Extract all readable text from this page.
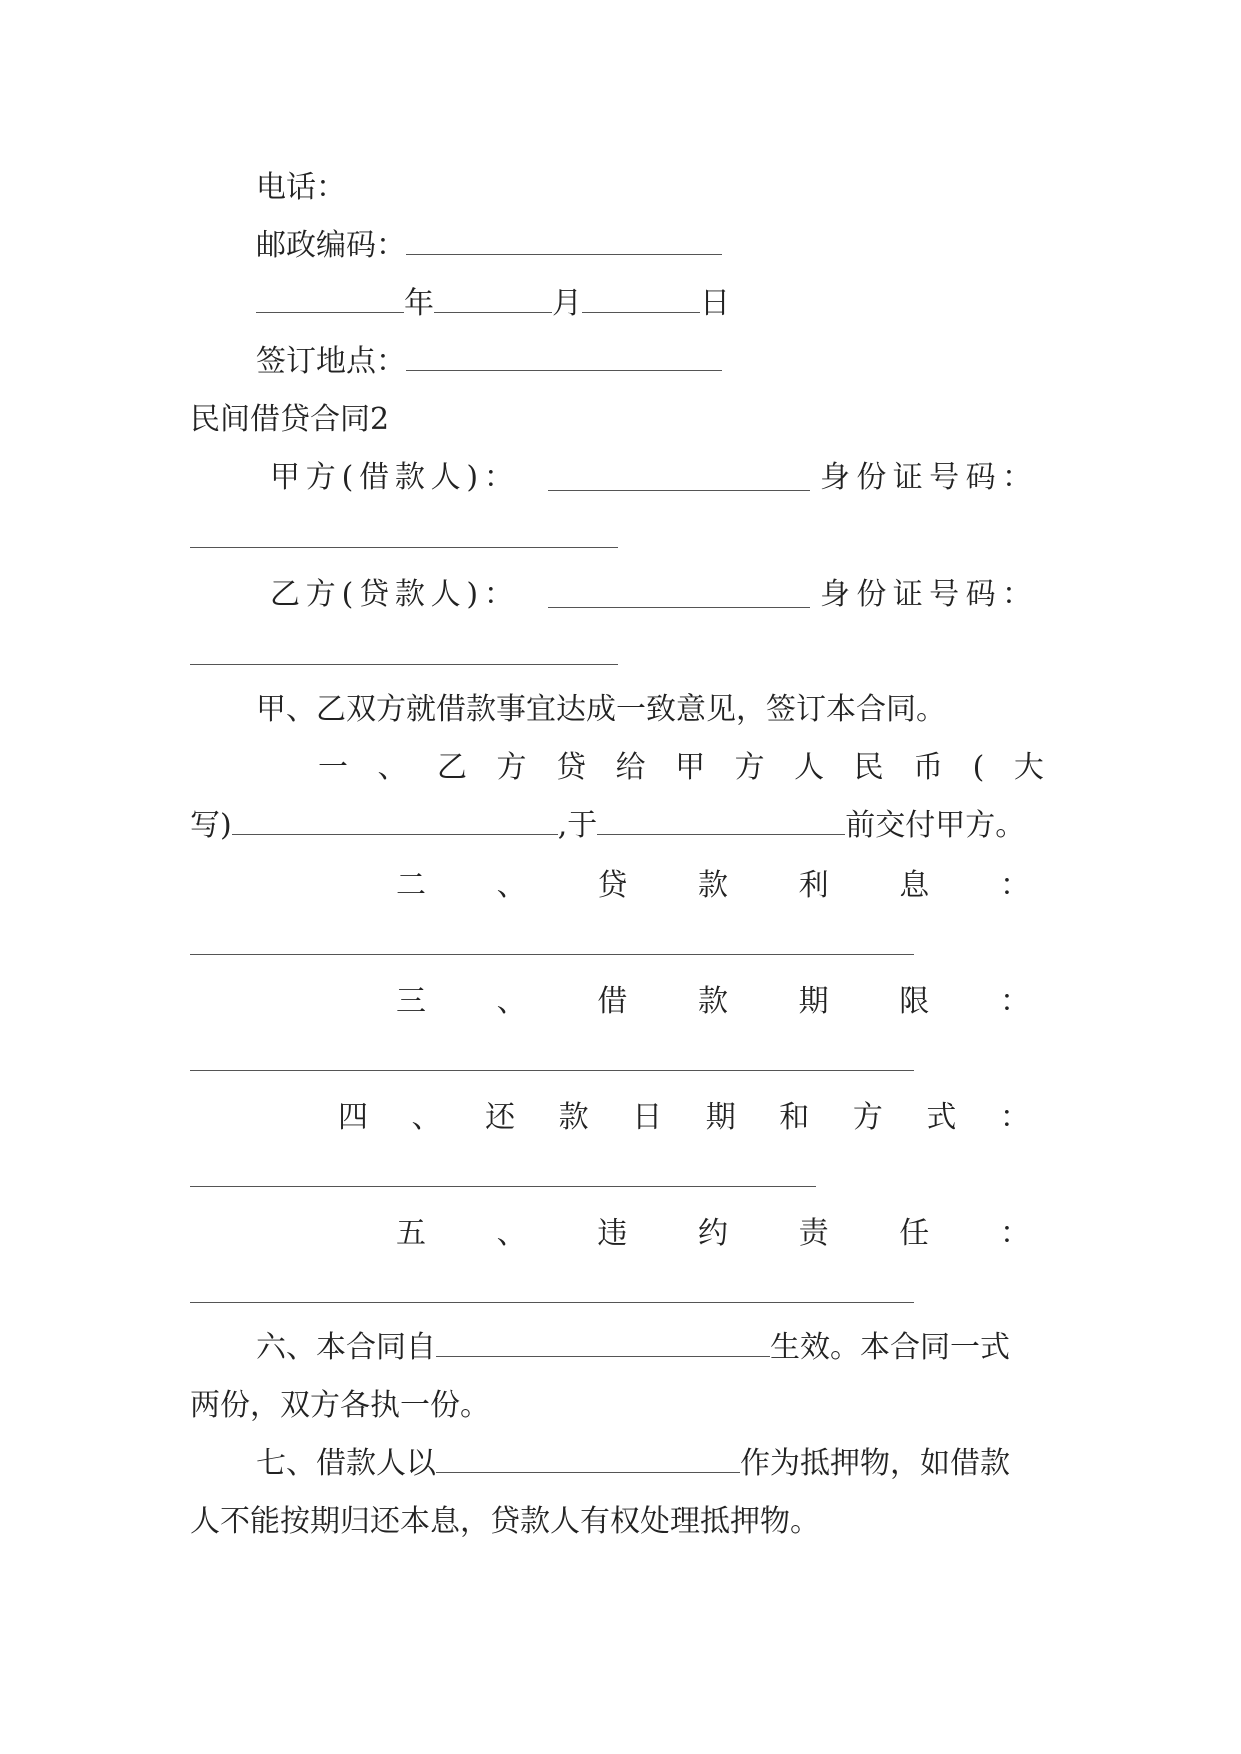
电话：
邮政编码：
年	月	日
签订地点：
民间借贷合同2
甲 方 ( 借 款 人 ) ：	身 份 证 号 码 ：
乙 方 ( 贷 款 人 ) ：	身 份 证 号 码 ：
甲、乙双方就借款事宜达成一致意见，签订本合同。
一 、 乙 方 贷 给 甲 方 人 民 币 ( 大
写)	,于	前交付甲方。
二 、 贷 款 利 息 ：
三 、 借 款 期 限 ：
四 、 还 款 日 期 和 方 式 ：
五 、 违 约 责 任 ：
六、本合同自	生效。本合同一式
两份，双方各执一份。
七、借款人以	作为抵押物，如借款
人不能按期归还本息，贷款人有权处理抵押物。
